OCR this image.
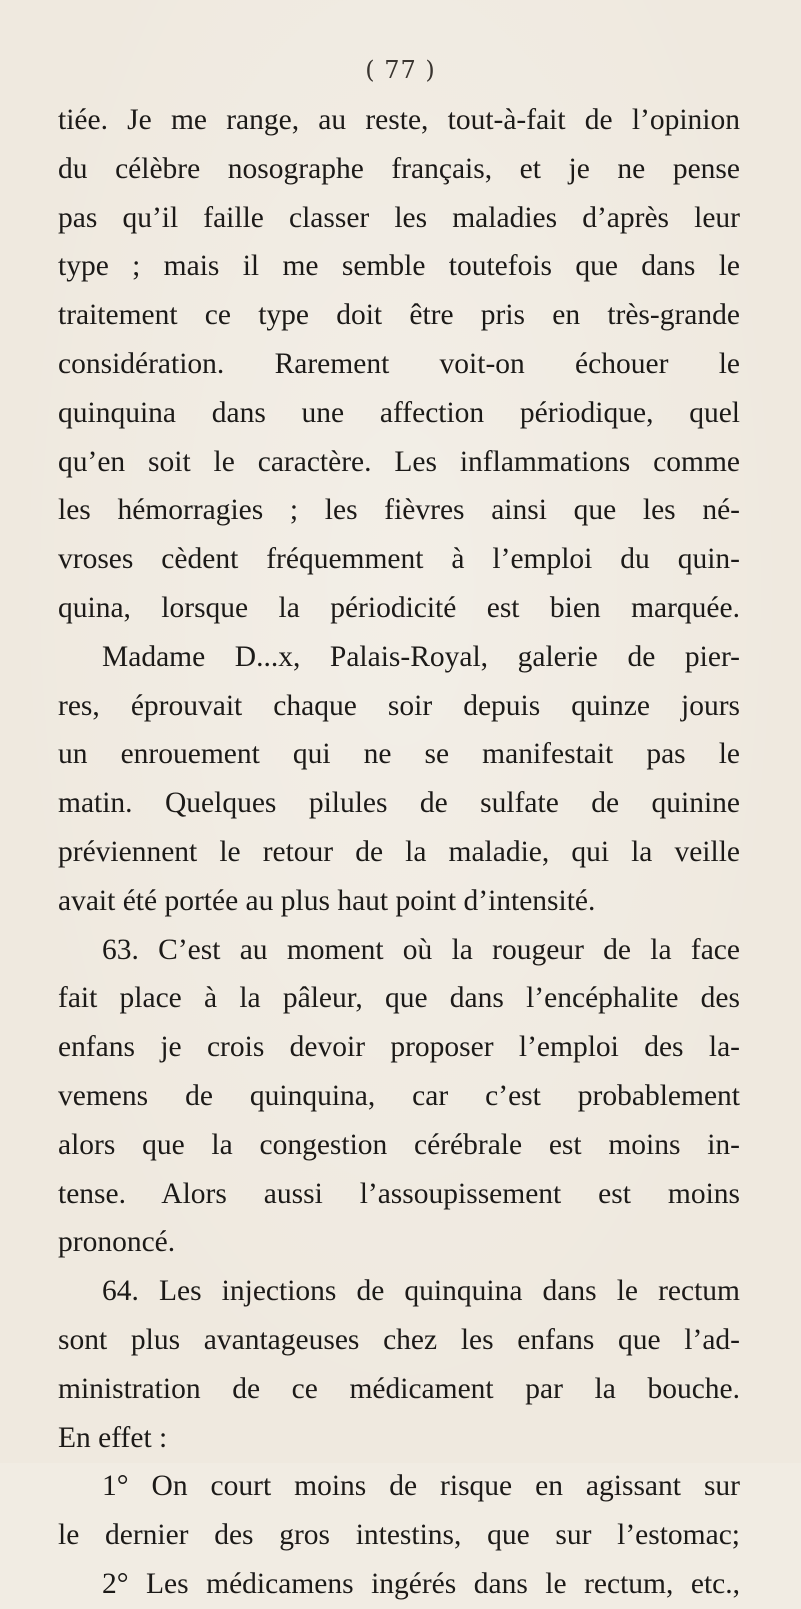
( 77 )
tiée. Je me range, au reste, tout-à-fait de l’opinion
du célèbre nosographe français, et je ne pense
pas qu’il faille classer les maladies d’après leur
type ; mais il me semble toutefois que dans le
traitement ce type doit être pris en très-grande
considération. Rarement voit-on échouer le
quinquina dans une affection périodique, quel
qu’en soit le caractère. Les inflammations comme
les hémorragies ; les fièvres ainsi que les né-
vroses cèdent fréquemment à l’emploi du quin-
quina, lorsque la périodicité est bien marquée.
Madame D...x, Palais-Royal, galerie de pier-
res, éprouvait chaque soir depuis quinze jours
un enrouement qui ne se manifestait pas le
matin. Quelques pilules de sulfate de quinine
préviennent le retour de la maladie, qui la veille
avait été portée au plus haut point d’intensité.
63. C’est au moment où la rougeur de la face
fait place à la pâleur, que dans l’encéphalite des
enfans je crois devoir proposer l’emploi des la-
vemens de quinquina, car c’est probablement
alors que la congestion cérébrale est moins in-
tense. Alors aussi l’assoupissement est moins
prononcé.
64. Les injections de quinquina dans le rectum
sont plus avantageuses chez les enfans que l’ad-
ministration de ce médicament par la bouche.
En effet :
1° On court moins de risque en agissant sur
le dernier des gros intestins, que sur l’estomac;
2° Les médicamens ingérés dans le rectum, etc.,
